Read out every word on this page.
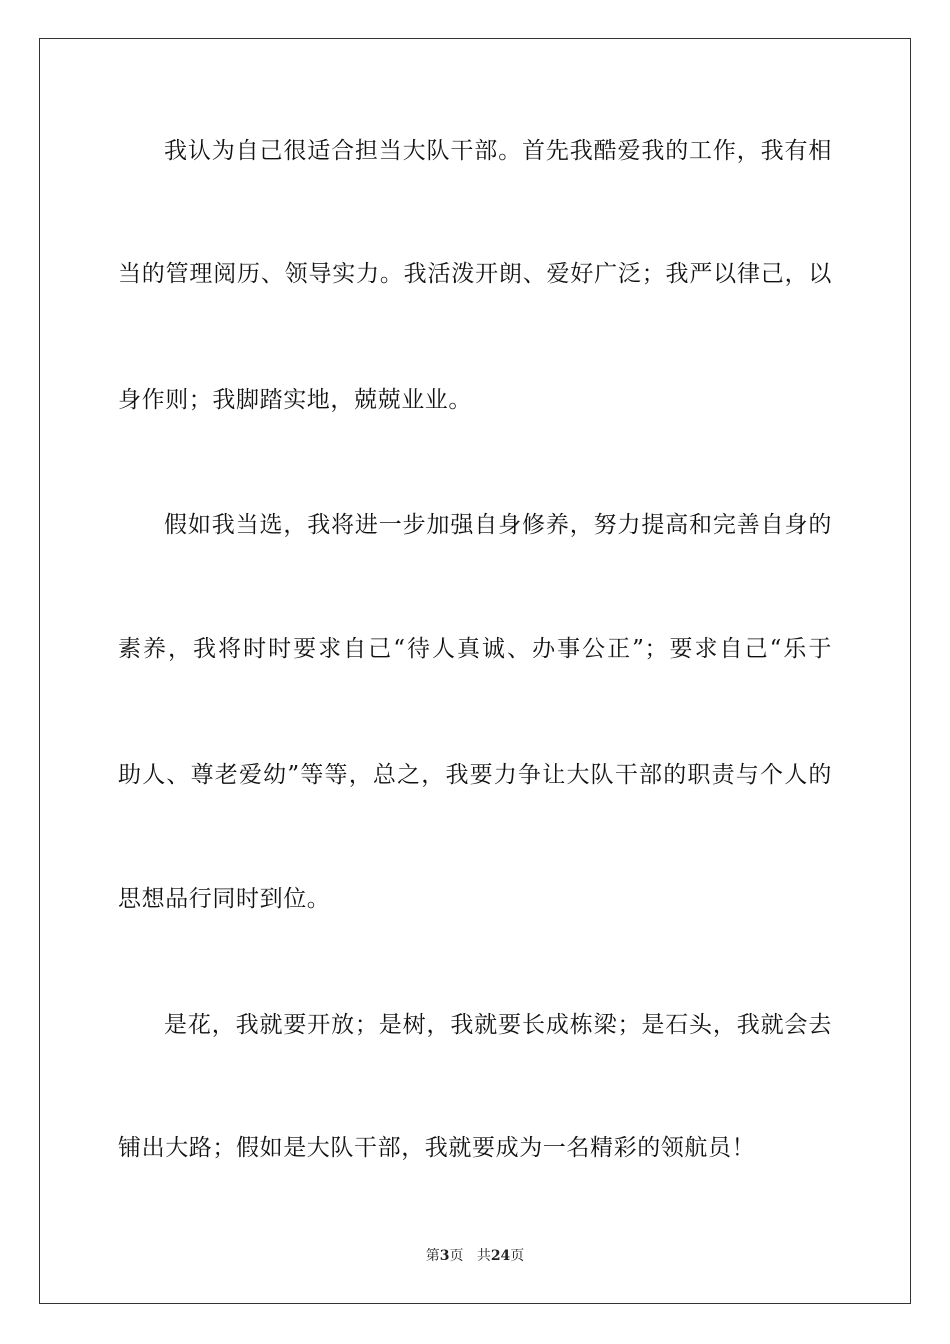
我认为自己很适合担当大队干部。首先我酷爱我的工作，我有相
当的管理阅历、领导实力。我活泼开朗、爱好广泛；我严以律己，以
身作则；我脚踏实地，兢兢业业。
假如我当选，我将进一步加强自身修养，努力提高和完善自身的
素养，我将时时要求自己“待人真诚、办事公正”；要求自己“乐于
助人、尊老爱幼”等等，总之，我要力争让大队干部的职责与个人的
思想品行同时到位。
是花，我就要开放；是树，我就要长成栋梁；是石头，我就会去
铺出大路；假如是大队干部，我就要成为一名精彩的领航员！
第3页 共24页
